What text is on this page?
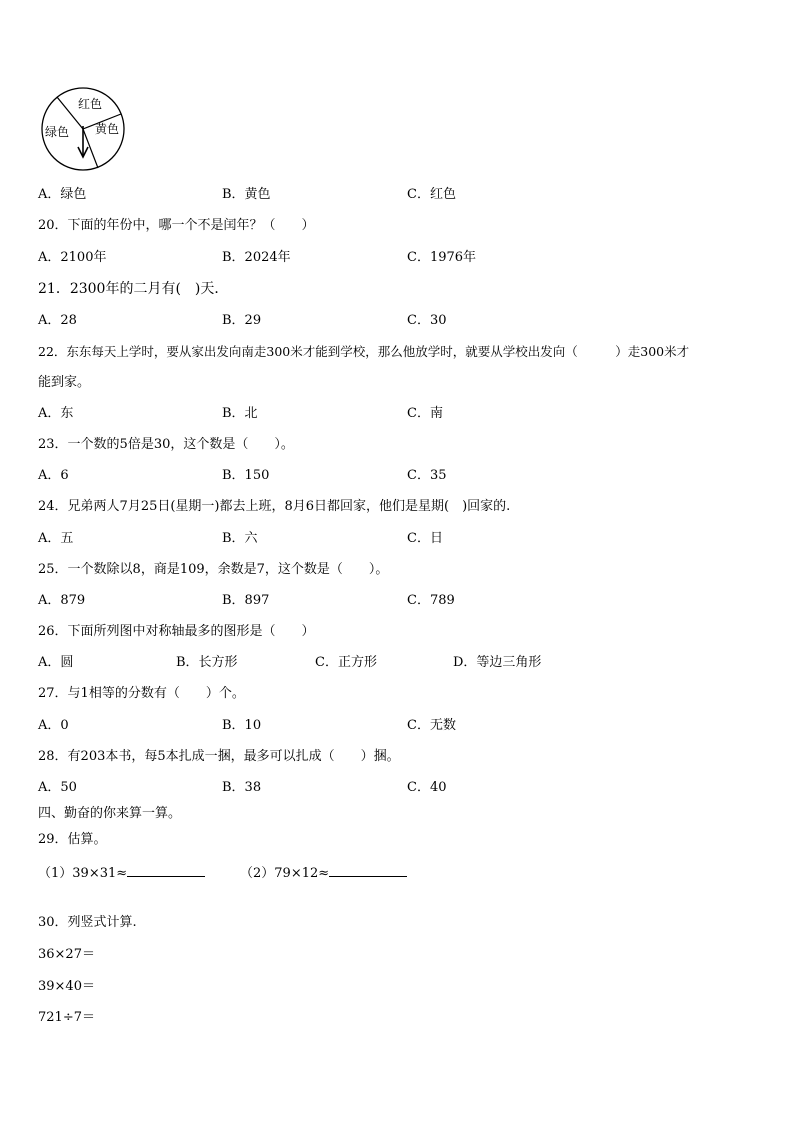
红色
绿色 黄色
A．绿色	B．黄色	C．红色
20．下面的年份中，哪一个不是闰年？（　　）
A．2100年	B．2024年	C．1976年
21．2300年的二月有(　)天．
A．28	B．29	C．30
22．东东每天上学时，要从家出发向南走300米才能到学校，那么他放学时，就要从学校出发向（　　　）走300米才
能到家。
A．东	B．北	C．南
23．一个数的5倍是30，这个数是（　　）。
A．6	B．150	C．35
24．兄弟两人7月25日(星期一)都去上班，8月6日都回家，他们是星期(　)回家的.
A．五	B．六	C．日
25．一个数除以8，商是109，余数是7，这个数是（　　）。
A．879	B．897	C．789
26．下面所列图中对称轴最多的图形是（　　）
A．圆	B．长方形	C．正方形	D．等边三角形
27．与1相等的分数有（　　）个。
A．0	B．10	C．无数
28．有203本书，每5本扎成一捆，最多可以扎成（　　）捆。
A．50	B．38	C．40
四、勤奋的你来算一算。
29．估算。
（1）39×31≈	（2）79×12≈
30．列竖式计算.
36×27＝
39×40＝
721÷7＝
